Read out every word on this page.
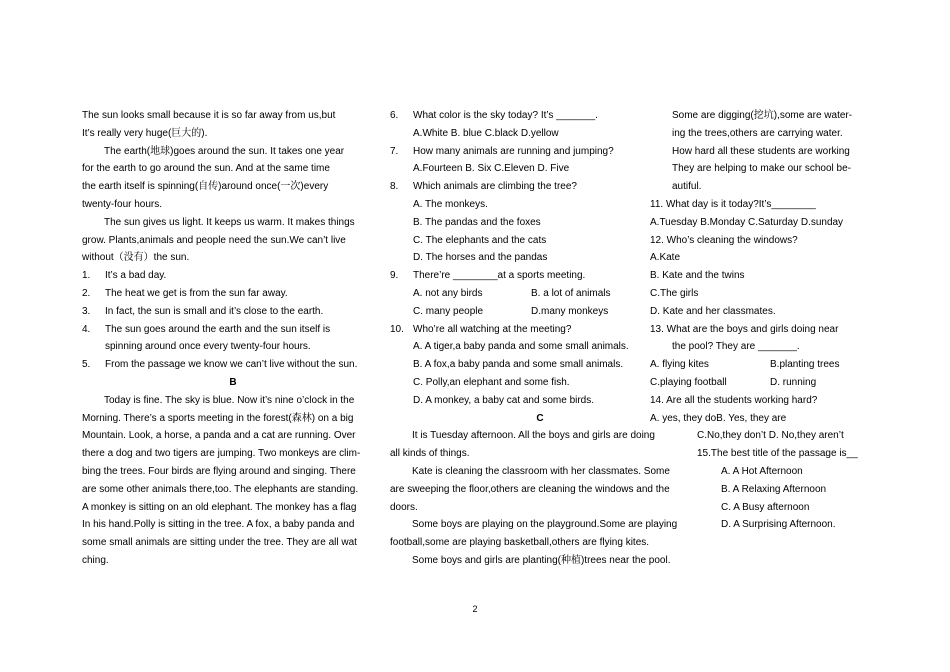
The sun looks small because it is so far away from us,but
It’s really very huge(巨大的).
The earth(地球)goes around the sun. It takes one year
for the earth to go around the sun. And at the same time
the earth itself is spinning(自传)around once(一次)every
twenty-four hours.
The sun gives us light. It keeps us warm. It makes things
grow. Plants,animals and people need the sun.We can’t live
without（没有）the sun.
1. It’s a bad day.
2. The heat we get is from the sun far away.
3. In fact, the sun is small and it’s close to the earth.
4. The sun goes around the earth and the sun itself is
spinning around once every twenty-four hours.
5. From the passage we know we can’t live without the sun.
B
Today is fine. The sky is blue. Now it’s nine o’clock in the
Morning. There’s a sports meeting in the forest(森林) on a big
Mountain. Look, a horse, a panda and a cat are running. Over
there a dog and two tigers are jumping. Two monkeys are clim-
bing the trees. Four birds are flying around and singing. There
are some other animals there,too. The elephants are standing.
A monkey is sitting on an old elephant. The monkey has a flag
In his hand.Polly is sitting in the tree. A fox, a baby panda and
some small animals are sitting under the tree. They are all wat
ching.
6. What color is the sky today? It’s _______.
A.White B. blue C.black D.yellow
7. How many animals are running and jumping?
A.Fourteen B. Six C.Eleven D. Five
8. Which animals are climbing the tree?
A. The monkeys.
B. The pandas and the foxes
C. The elephants and the cats
D. The horses and the pandas
9. There’re ________at a sports meeting.
A. not any birds	B. a lot of animals
C. many people	D.many monkeys
10. Who’re all watching at the meeting?
A. A tiger,a baby panda and some small animals.
B. A fox,a baby panda and some small animals.
C. Polly,an elephant and some fish.
D. A monkey, a baby cat and some birds.
C
It is Tuesday afternoon. All the boys and girls are doing
all kinds of things.
Kate is cleaning the classroom with her classmates. Some
are sweeping the floor,others are cleaning the windows and the
doors.
Some boys are playing on the playground.Some are playing
football,some are playing basketball,others are flying kites.
Some boys and girls are planting(种植)trees near the pool.
Some are digging(挖坑),some are water-
ing the trees,others are carrying water.
How hard all these students are working
They are helping to make our school be-
autiful.
11. What day is it today?It’s________
A.Tuesday B.Monday C.Saturday D.sunday
12. Who’s cleaning the windows?
A.Kate
B. Kate and the twins
C.The girls
D. Kate and her classmates.
13. What are the boys and girls doing near
the pool? They are _______.
A. flying kites	B.planting trees
C.playing football	D. running
14. Are all the students working hard?
A. yes, they doB. Yes, they are
C.No,they don’t D. No,they aren’t
15.The best title of the passage is__
A. A Hot Afternoon
B. A Relaxing Afternoon
C. A Busy afternoon
D. A Surprising Afternoon.
2
